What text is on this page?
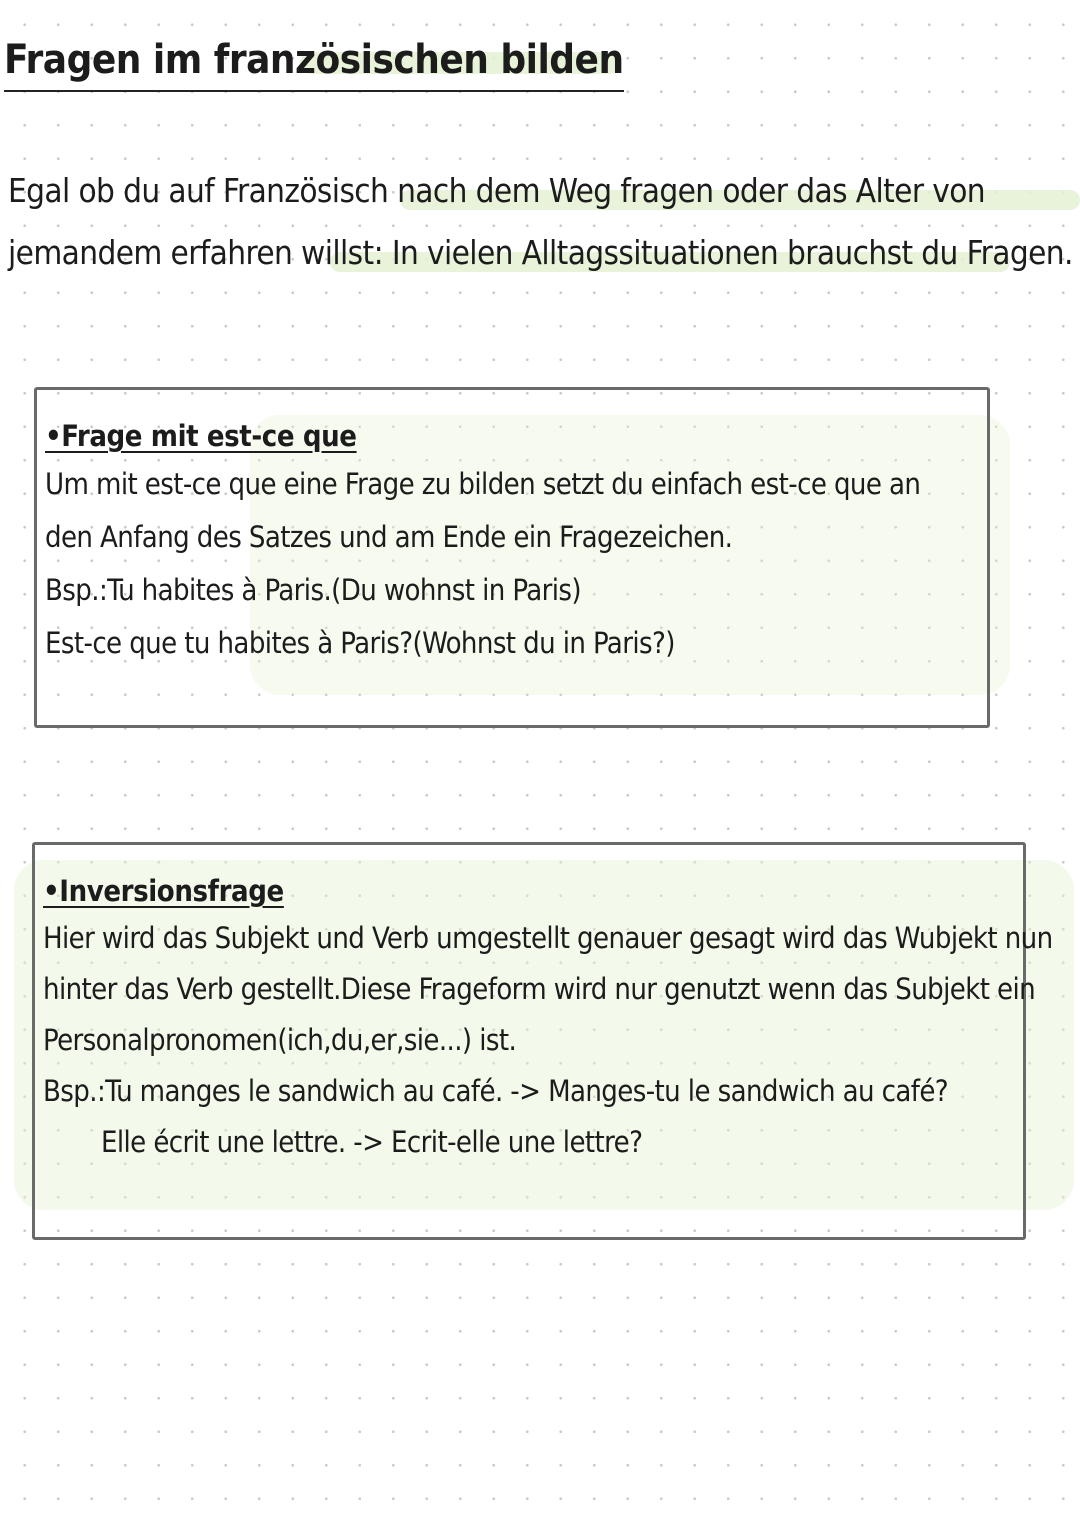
Fragen im französischen bilden
Egal ob du auf Französisch nach dem Weg fragen oder das Alter von
jemandem erfahren willst: In vielen Alltagssituationen brauchst du Fragen.
•Frage mit est-ce que
Um mit est-ce que eine Frage zu bilden setzt du einfach est-ce que an
den Anfang des Satzes und am Ende ein Fragezeichen.
Bsp.:Tu habites à Paris.(Du wohnst in Paris)
Est-ce que tu habites à Paris?(Wohnst du in Paris?)
•Inversionsfrage
Hier wird das Subjekt und Verb umgestellt genauer gesagt wird das Wubjekt nun
hinter das Verb gestellt.Diese Frageform wird nur genutzt wenn das Subjekt ein
Personalpronomen(ich,du,er,sie...) ist.
Bsp.:Tu manges le sandwich au café. -> Manges-tu le sandwich au café?
Elle écrit une lettre. -> Ecrit-elle une lettre?
